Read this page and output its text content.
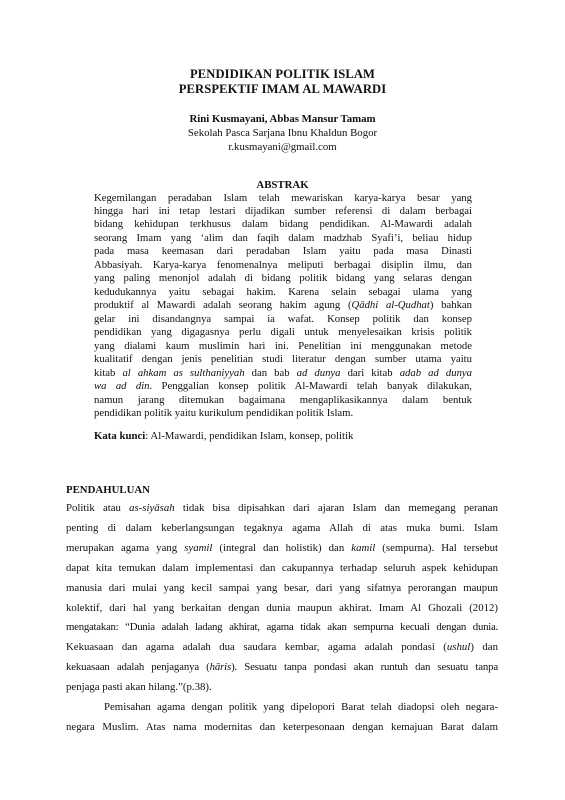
PENDIDIKAN POLITIK ISLAM
PERSPEKTIF IMAM AL MAWARDI
Rini Kusmayani, Abbas Mansur Tamam
Sekolah Pasca Sarjana Ibnu Khaldun Bogor
r.kusmayani@gmail.com
ABSTRAK
Kegemilangan peradaban Islam telah mewariskan karya-karya besar yang
hingga hari ini tetap lestari dijadikan sumber referensi di dalam berbagai
bidang kehidupan terkhusus dalam bidang pendidikan. Al-Mawardi adalah
seorang Imam yang ‘alim dan faqih dalam madzhab Syafi’i, beliau hidup
pada masa keemasan dari peradaban Islam yaitu pada masa Dinasti
Abbasiyah. Karya-karya fenomenalnya meliputi berbagai disiplin ilmu, dan
yang paling menonjol adalah di bidang politik bidang yang selaras dengan
kedudukannya yaitu sebagai hakim. Karena selain sebagai ulama yang
produktif al Mawardi adalah seorang hakim agung (Qādhi al-Qudhat) bahkan
gelar ini disandangnya sampai ia wafat. Konsep politik dan konsep
pendidikan yang digagasnya perlu digali untuk menyelesaikan krisis politik
yang dialami kaum muslimin hari ini. Penelitian ini menggunakan metode
kualitatif dengan jenis penelitian studi literatur dengan sumber utama yaitu
kitab al ahkam as sulthaniyyah dan bab ad dunya dari kitab adab ad dunya
wa ad din. Penggalian konsep politik Al-Mawardi telah banyak dilakukan,
namun jarang ditemukan bagaimana mengaplikasikannya dalam bentuk
pendidikan politik yaitu kurikulum pendidikan politik Islam.
Kata kunci: Al-Mawardi, pendidikan Islam, konsep, politik
PENDAHULUAN
Politik atau as-siyāsah tidak bisa dipisahkan dari ajaran Islam dan memegang peranan
penting di dalam keberlangsungan tegaknya agama Allah di atas muka bumi. Islam
merupakan agama yang syamil (integral dan holistik) dan kamil (sempurna). Hal tersebut
dapat kita temukan dalam implementasi dan cakupannya terhadap seluruh aspek kehidupan
manusia dari mulai yang kecil sampai yang besar, dari yang sifatnya perorangan maupun
kolektif, dari hal yang berkaitan dengan dunia maupun akhirat. Imam Al Ghozali (2012)
mengatakan: “Dunia adalah ladang akhirat, agama tidak akan sempurna kecuali dengan dunia.
Kekuasaan dan agama adalah dua saudara kembar, agama adalah pondasi (ushul) dan
kekuasaan adalah penjaganya (hāris). Sesuatu tanpa pondasi akan runtuh dan sesuatu tanpa
penjaga pasti akan hilang.”(p.38).
Pemisahan agama dengan politik yang dipelopori Barat telah diadopsi oleh negara-
negara Muslim. Atas nama modernitas dan keterpesonaan dengan kemajuan Barat dalam
